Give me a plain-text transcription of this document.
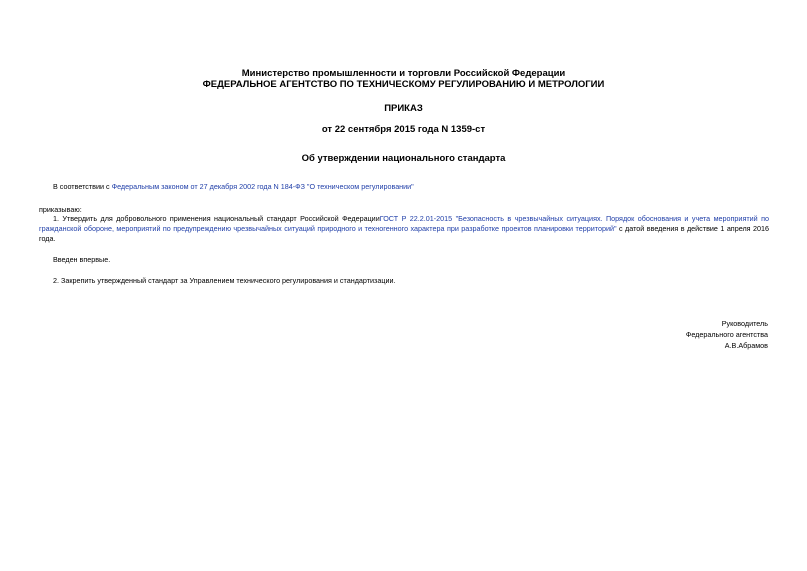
Министерство промышленности и торговли Российской Федерации
ФЕДЕРАЛЬНОЕ АГЕНТСТВО ПО ТЕХНИЧЕСКОМУ РЕГУЛИРОВАНИЮ И МЕТРОЛОГИИ
ПРИКАЗ
от 22 сентября 2015 года N 1359-ст
Об утверждении национального стандарта
В соответствии с Федеральным законом от 27 декабря 2002 года N 184-ФЗ "О техническом регулировании"
приказываю:
1. Утвердить для добровольного применения национальный стандарт Российской ФедерацииГОСТ Р 22.2.01-2015 "Безопасность в чрезвычайных ситуациях. Порядок обоснования и учета мероприятий по гражданской обороне, мероприятий по предупреждению чрезвычайных ситуаций природного и техногенного характера при разработке проектов планировки территорий" с датой введения в действие 1 апреля 2016 года.
Введен впервые.
2. Закрепить утвержденный стандарт за Управлением технического регулирования и стандартизации.
Руководитель
Федерального агентства
А.В.Абрамов
